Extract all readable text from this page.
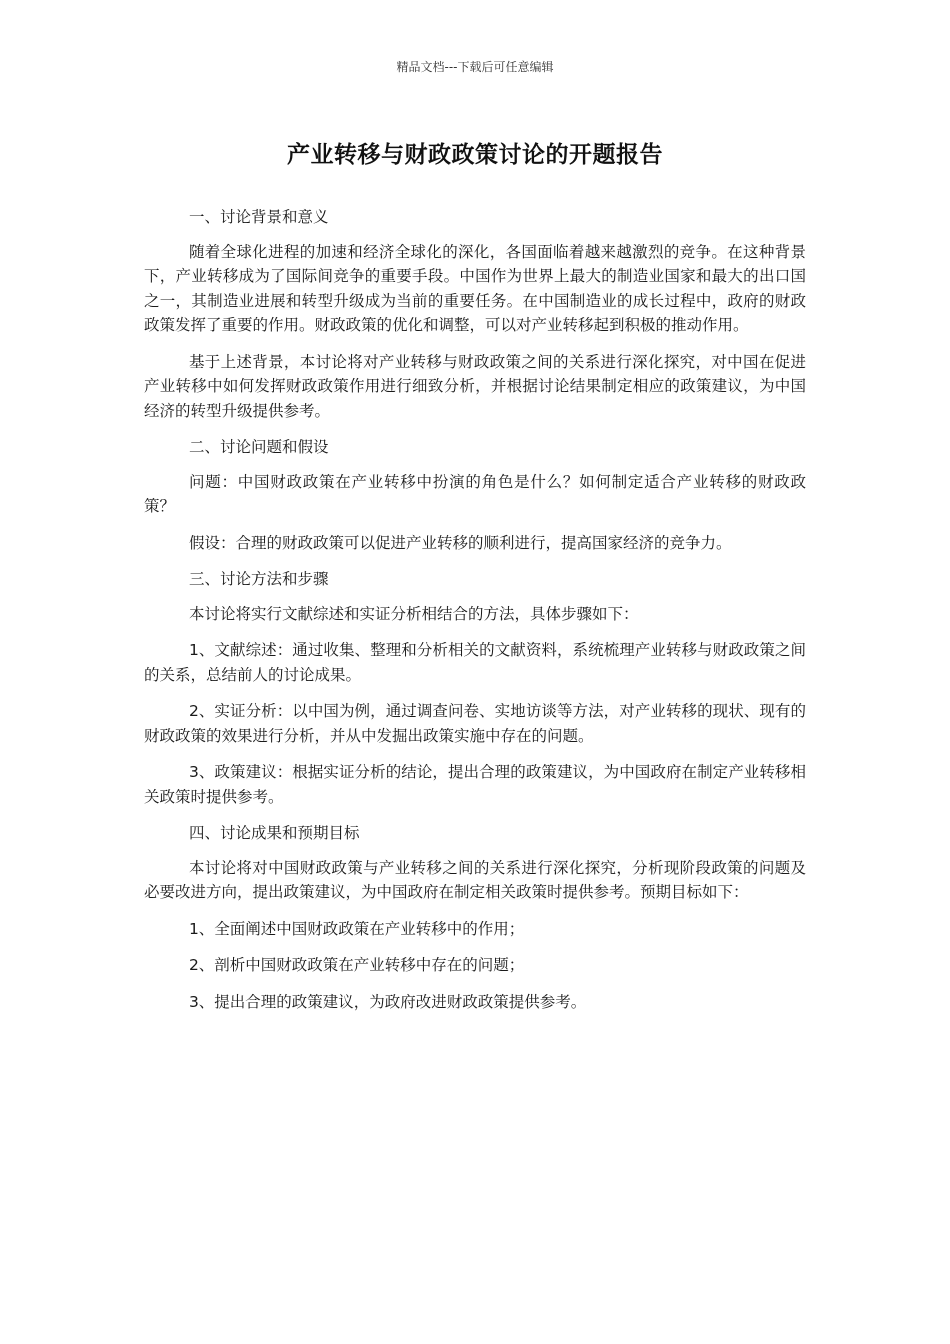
精品文档---下载后可任意编辑
产业转移与财政政策讨论的开题报告

一、讨论背景和意义

随着全球化进程的加速和经济全球化的深化，各国面临着越来越激烈的竞争。在这种背景下，产业转移成为了国际间竞争的重要手段。中国作为世界上最大的制造业国家和最大的出口国之一，其制造业进展和转型升级成为当前的重要任务。在中国制造业的成长过程中，政府的财政政策发挥了重要的作用。财政政策的优化和调整，可以对产业转移起到积极的推动作用。

基于上述背景，本讨论将对产业转移与财政政策之间的关系进行深化探究，对中国在促进产业转移中如何发挥财政政策作用进行细致分析，并根据讨论结果制定相应的政策建议，为中国经济的转型升级提供参考。

二、讨论问题和假设

问题：中国财政政策在产业转移中扮演的角色是什么？如何制定适合产业转移的财政政策？

假设：合理的财政政策可以促进产业转移的顺利进行，提高国家经济的竞争力。

三、讨论方法和步骤

本讨论将实行文献综述和实证分析相结合的方法，具体步骤如下：

1、文献综述：通过收集、整理和分析相关的文献资料，系统梳理产业转移与财政政策之间的关系，总结前人的讨论成果。

2、实证分析：以中国为例，通过调查问卷、实地访谈等方法，对产业转移的现状、现有的财政政策的效果进行分析，并从中发掘出政策实施中存在的问题。

3、政策建议：根据实证分析的结论，提出合理的政策建议，为中国政府在制定产业转移相关政策时提供参考。

四、讨论成果和预期目标

本讨论将对中国财政政策与产业转移之间的关系进行深化探究，分析现阶段政策的问题及必要改进方向，提出政策建议，为中国政府在制定相关政策时提供参考。预期目标如下：

1、全面阐述中国财政政策在产业转移中的作用；

2、剖析中国财政政策在产业转移中存在的问题；

3、提出合理的政策建议，为政府改进财政政策提供参考。
